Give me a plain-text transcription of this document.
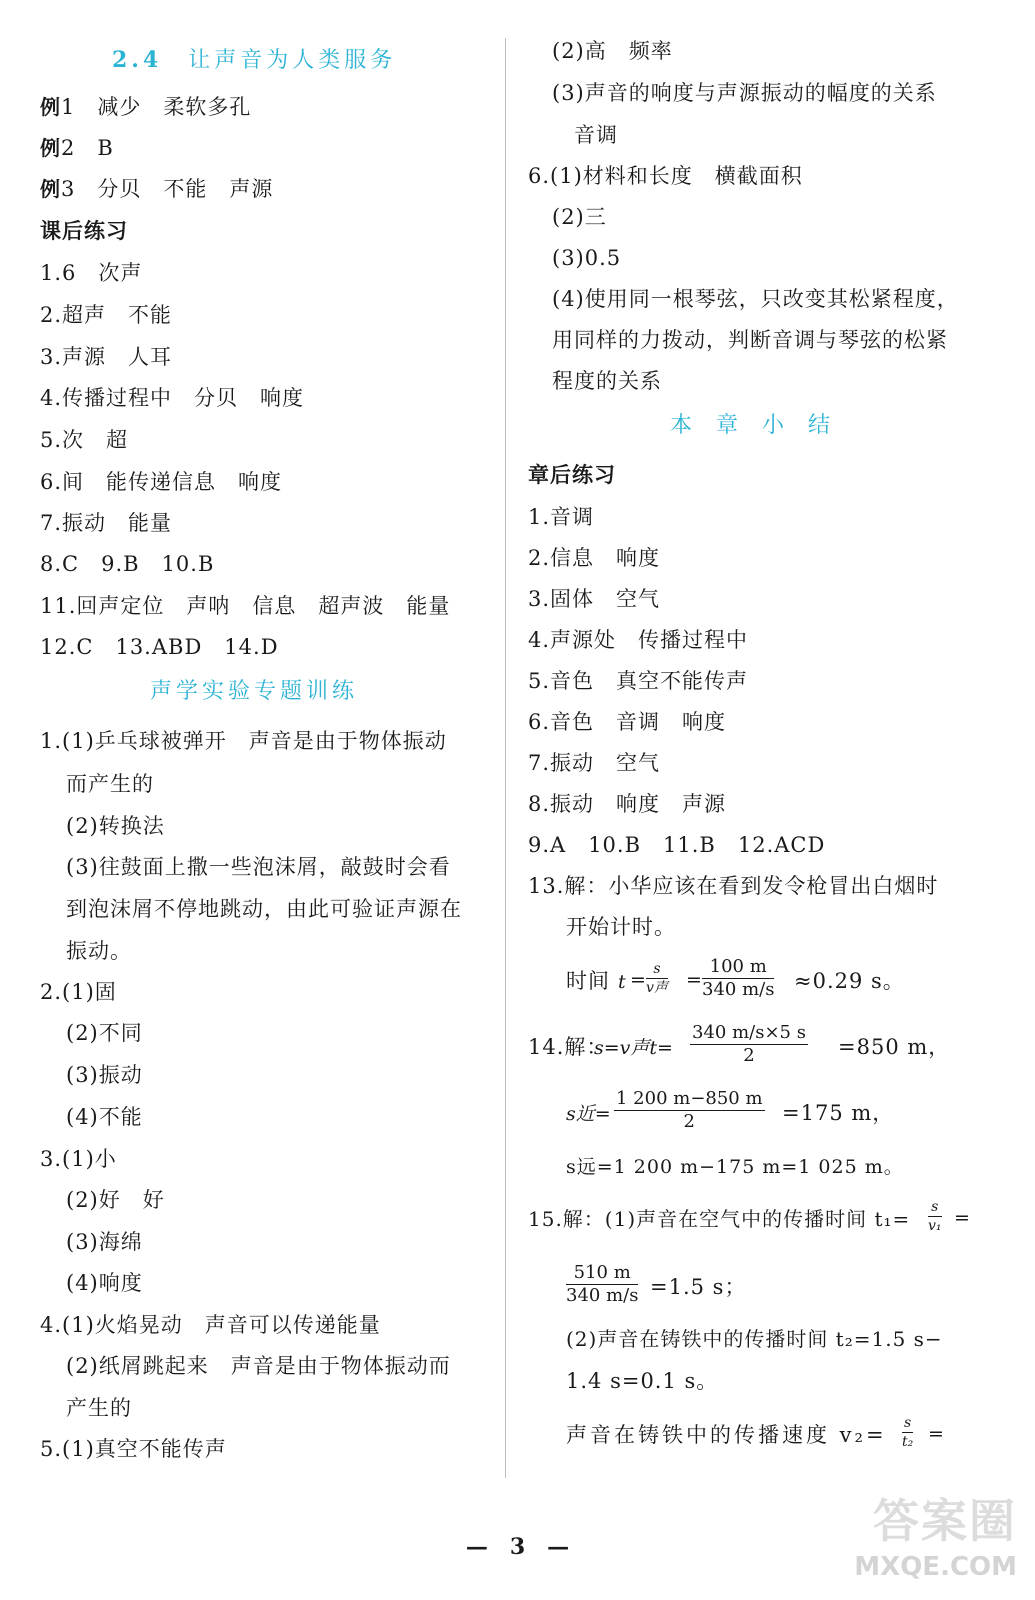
2.4　 让声音为人类服务
例1　 减少　柔软多孔
例2　 B
例3　 分贝　不能　声源
课后练习
1.6　次声
2.超声　不能
3.声源　人耳
4.传播过程中　分贝　响度
5.次　超
6.间　能传递信息　响度
7.振动　能量
8.C　9.B　10.B
11.回声定位　声呐　信息　超声波　能量
12.C　13.ABD　14.D
声学实验专题训练
1.(1)乒乓球被弹开　声音是由于物体振动
而产生的
(2)转换法
(3)往鼓面上撒一些泡沫屑，敲鼓时会看
到泡沫屑不停地跳动，由此可验证声源在
振动。
2.(1)固
(2)不同
(3)振动
(4)不能
3.(1)小
(2)好　好
(3)海绵
(4)响度
4.(1)火焰晃动　声音可以传递能量
(2)纸屑跳起来　声音是由于物体振动而
产生的
5.(1)真空不能传声
(2)高　频率
(3)声音的响度与声源振动的幅度的关系
音调
6.(1)材料和长度　横截面积
(2)三
(3)0.5
(4)使用同一根琴弦，只改变其松紧程度，
用同样的力拨动，判断音调与琴弦的松紧
程度的关系
本章小结
章后练习
1.音调
2.信息　响度
3.固体　空气
4.声源处　传播过程中
5.音色　真空不能传声
6.音色　音调　响度
7.振动　空气
8.振动　响度　声源
9.A　10.B　11.B　12.ACD
13.解：小华应该在看到发令枪冒出白烟时
开始计时。
时间 t = s
v声 = $\frac{100 m}{340 m/s} \approx 0.29$ s。
14.解：
s=v声$t= \frac{340 m/s\times 5 s}{2} =850$ m，
s近= $\frac{1 200 m-850 m}{2} =175$ m，
s远=1 200 m−175 m=1 025 m。
15.解：(1)声音在空气中的传播时间 $t_1= \frac{s}{\text{v₁}}$ =
$\frac{510 m}{340 m/s} =1.5$ s；
(2)声音在铸铁中的传播时间 t₂=1.5 s−
1.4 s=0.1 s。
声音在铸铁中的传播速度 $v_2= \frac{s}{\text{t₂}}$ =
—　 3　 —	答案圈
MXQE.COM
